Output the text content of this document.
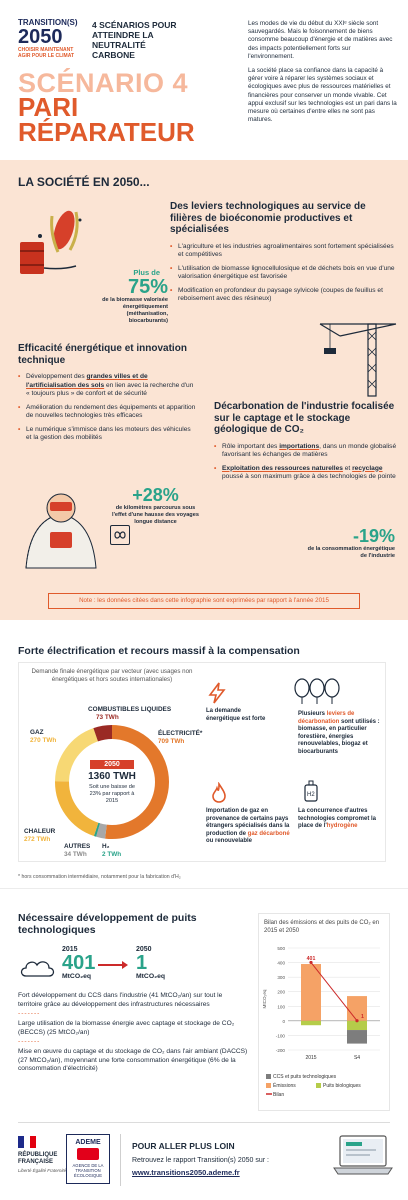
TRANSITION(S)
2050
CHOISIR MAINTENANT AGIR POUR LE CLIMAT
4 SCÉNARIOS POUR
ATTEINDRE LA NEUTRALITÉ
CARBONE

Les modes de vie du début du XXIᵉ siècle sont sauvegardés. Mais le foisonnement de biens consomme beaucoup d'énergie et de matières avec des impacts potentiellement forts sur l'environnement.

La société place sa confiance dans la capacité à gérer voire à réparer les systèmes sociaux et écologiques avec plus de ressources matérielles et financières pour conserver un monde vivable. Cet appui exclusif sur les technologies est un pari dans la mesure où certaines d'entre elles ne sont pas matures.

SCÉNARIO 4
PARI
RÉPARATEUR
LA SOCIÉTÉ EN 2050...
Des leviers technologiques au service de filières de bioéconomie productives et spécialisées
• L'agriculture et les industries agroalimentaires sont fortement spécialisées et compétitives
• L'utilisation de biomasse lignocellulosique et de déchets bois en vue d'une valorisation énergétique est favorisée
• Modification en profondeur du paysage sylvicole (coupes de feuillus et reboisement avec des résineux)
Plus de
75%
de la biomasse valorisée énergétiquement (méthanisation, biocarburants)
Efficacité énergétique et innovation technique
• Développement des grandes villes et de l'artificialisation des sols en lien avec la recherche d'un « toujours plus » de confort et de sécurité
• Amélioration du rendement des équipements et apparition de nouvelles technologies très efficaces
• Le numérique s'immisce dans les moteurs des véhicules et la gestion des mobilités
Décarbonation de l'industrie focalisée sur le captage et le stockage géologique de CO₂
• Rôle important des importations, dans un monde globalisé favorisant les échanges de matières
• Exploitation des ressources naturelles et recyclage poussé à son maximum grâce à des technologies de pointe
+28%
de kilomètres parcourus sous l'effet d'une hausse des voyages longue distance
-19%
de la consommation énergétique de l'industrie
Note : les données citées dans cette infographie sont exprimées par rapport à l'année 2015
Forte électrification et recours massif à la compensation
Demande finale énergétique par vecteur (avec usages non énergétiques et hors soutes internationales)
2050
1360 TWH
Soit une baisse de 23% par rapport à 2015
COMBUSTIBLES LIQUIDES
73 TWh
ÉLECTRICITÉ*
709 TWh
GAZ
270 TWh
CHALEUR
272 TWh
AUTRES
34 TWh
H₂
2 TWh
La demande énergétique est forte
Plusieurs leviers de décarbonation sont utilisés : biomasse, en particulier forestière, énergies renouvelables, biogaz et biocarburants
Importation de gaz en provenance de certains pays étrangers spécialisés dans la production de gaz décarboné ou renouvelable
H2
La concurrence d'autres technologies compromet la place de l'hydrogène
* hors consommation intermédiaire, notamment pour la fabrication d'H₂
Nécessaire développement de puits technologiques
2015
401
MtCO₂eq
2050
1
MtCO₂eq

Fort développement du CCS dans l'industrie (41 MtCO₂/an) sur tout le territoire grâce au développement des infrastructures nécessaires

-------

Large utilisation de la biomasse énergie avec captage et stockage de CO₂ (BECCS) (25 MtCO₂/an)

-------

Mise en œuvre du captage et du stockage de CO₂ dans l'air ambiant (DACCS) (27 MtCO₂/an), moyennant une forte consommation énergétique (6% de la consommation d'électricité)

Bilan des émissions et des puits de CO₂ en 2015 et 2050
-200
-100
0
100
200
300
400
500
MtCO₂eq
2015	S4
401
1
CCS et puits technologiques
Émissions	Puits biologiques
Bilan
RÉPUBLIQUE
FRANÇAISE
Liberté Égalité Fraternité
ADEME
AGENCE DE LA TRANSITION ÉCOLOGIQUE
POUR ALLER PLUS LOIN
Retrouvez le rapport Transition(s) 2050 sur :
www.transitions2050.ademe.fr
